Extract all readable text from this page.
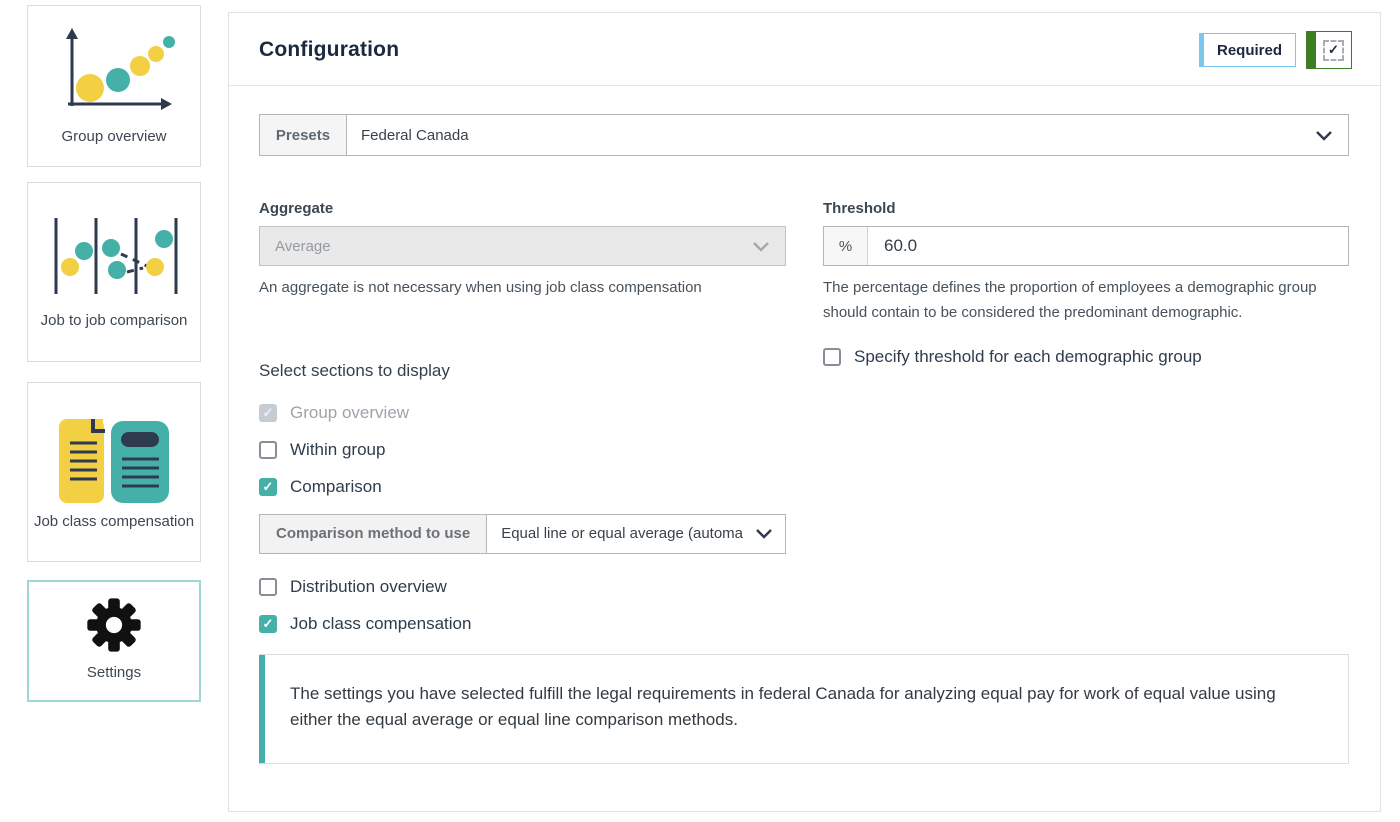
Group overview
Job to job comparison
Job class compensation
Settings
Configuration	Required	✓
Presets	Federal Canada
Aggregate
Average
An aggregate is not necessary when using job class compensation
Select sections to display
✓ Group overview
Within group
✓ Comparison
Comparison method to use	Equal line or equal average (automa
Distribution overview
✓ Job class compensation
Threshold
%
60.0
The percentage defines the proportion of employees a demographic group should contain to be considered the predominant demographic.
Specify threshold for each demographic group
The settings you have selected fulfill the legal requirements in federal Canada for analyzing equal pay for work of equal value using either the equal average or equal line comparison methods.
